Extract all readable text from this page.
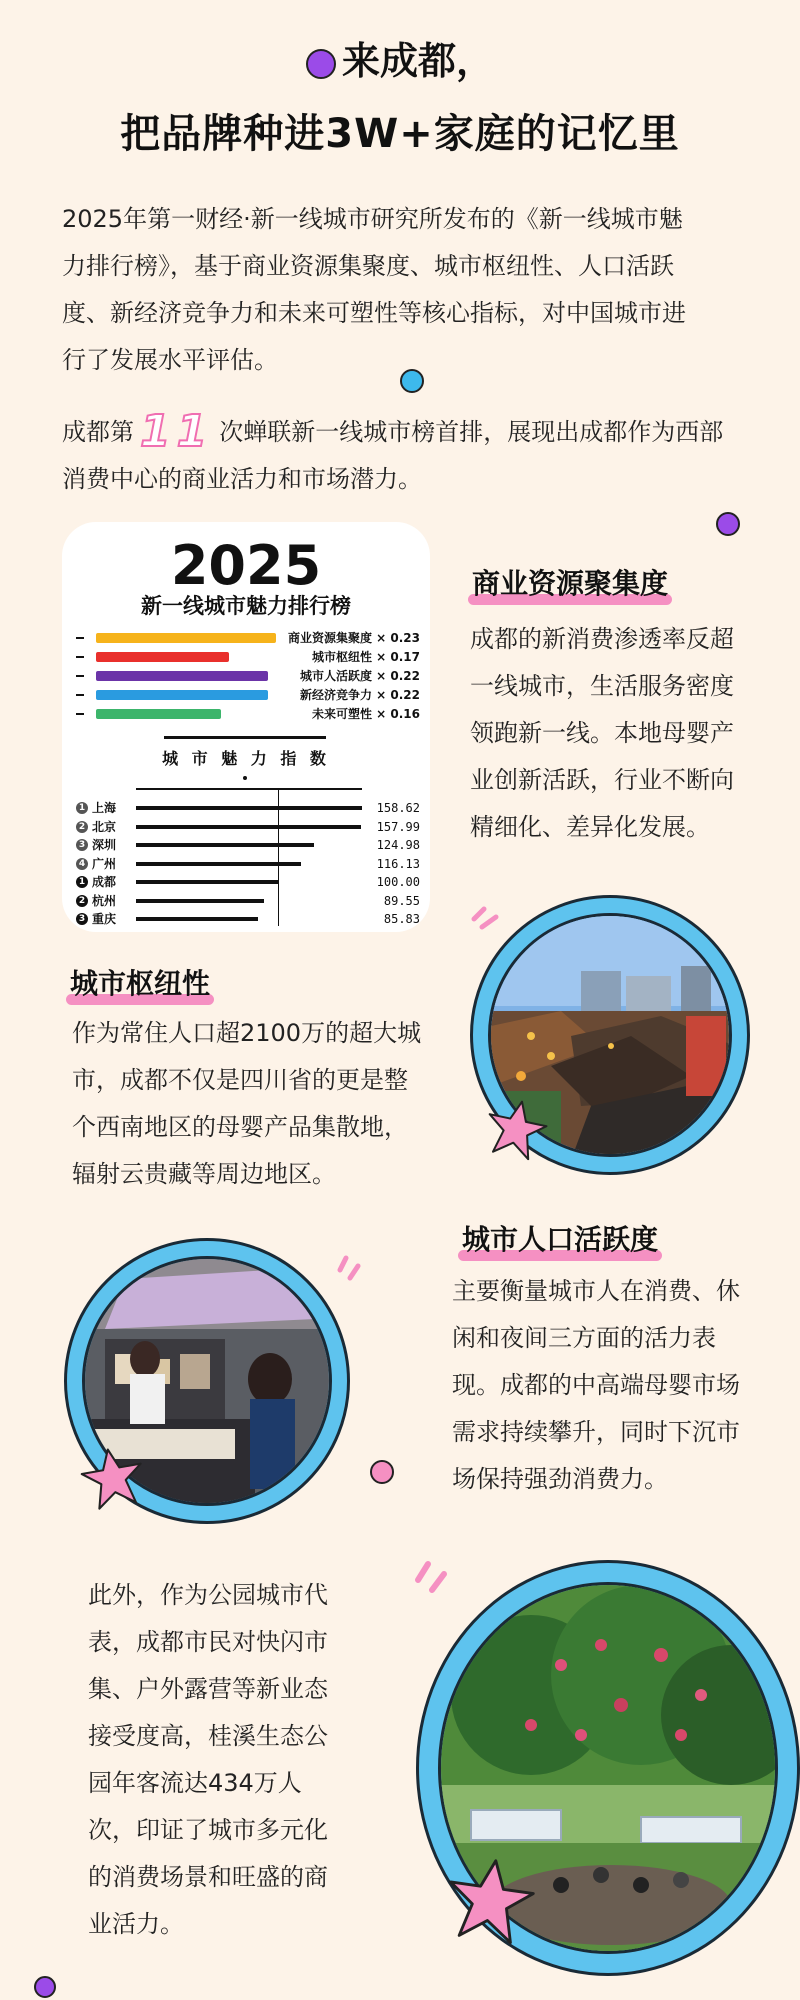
来成都，
把品牌种进3W+家庭的记忆里
2025年第一财经·新一线城市研究所发布的《新一线城市魅
力排行榜》，基于商业资源集聚度、城市枢纽性、人口活跃
度、新经济竞争力和未来可塑性等核心指标，对中国城市进
行了发展水平评估。
成都第 11 次蝉联新一线城市榜首排，展现出成都作为西部
消费中心的商业活力和市场潜力。
2025
新一线城市魅力排行榜
商业资源集聚度 × 0.23
城市枢纽性 × 0.17
城市人活跃度 × 0.22
新经济竞争力 × 0.22
未来可塑性 × 0.16
城 市 魅 力 指 数
1 上海	158.62
2 北京	157.99
3 深圳	124.98
4 广州	116.13
1 成都	100.00
2 杭州	89.55
3 重庆	85.83
商业资源聚集度
成都的新消费渗透率反超
一线城市，生活服务密度
领跑新一线。本地母婴产
业创新活跃，行业不断向
精细化、差异化发展。
城市枢纽性
作为常住人口超2100万的超大城
市，成都不仅是四川省的更是整
个西南地区的母婴产品集散地，
辐射云贵藏等周边地区。
城市人口活跃度
主要衡量城市人在消费、休
闲和夜间三方面的活力表
现。成都的中高端母婴市场
需求持续攀升，同时下沉市
场保持强劲消费力。
此外，作为公园城市代
表，成都市民对快闪市
集、户外露营等新业态
接受度高，桂溪生态公
园年客流达434万人
次，印证了城市多元化
的消费场景和旺盛的商
业活力。
